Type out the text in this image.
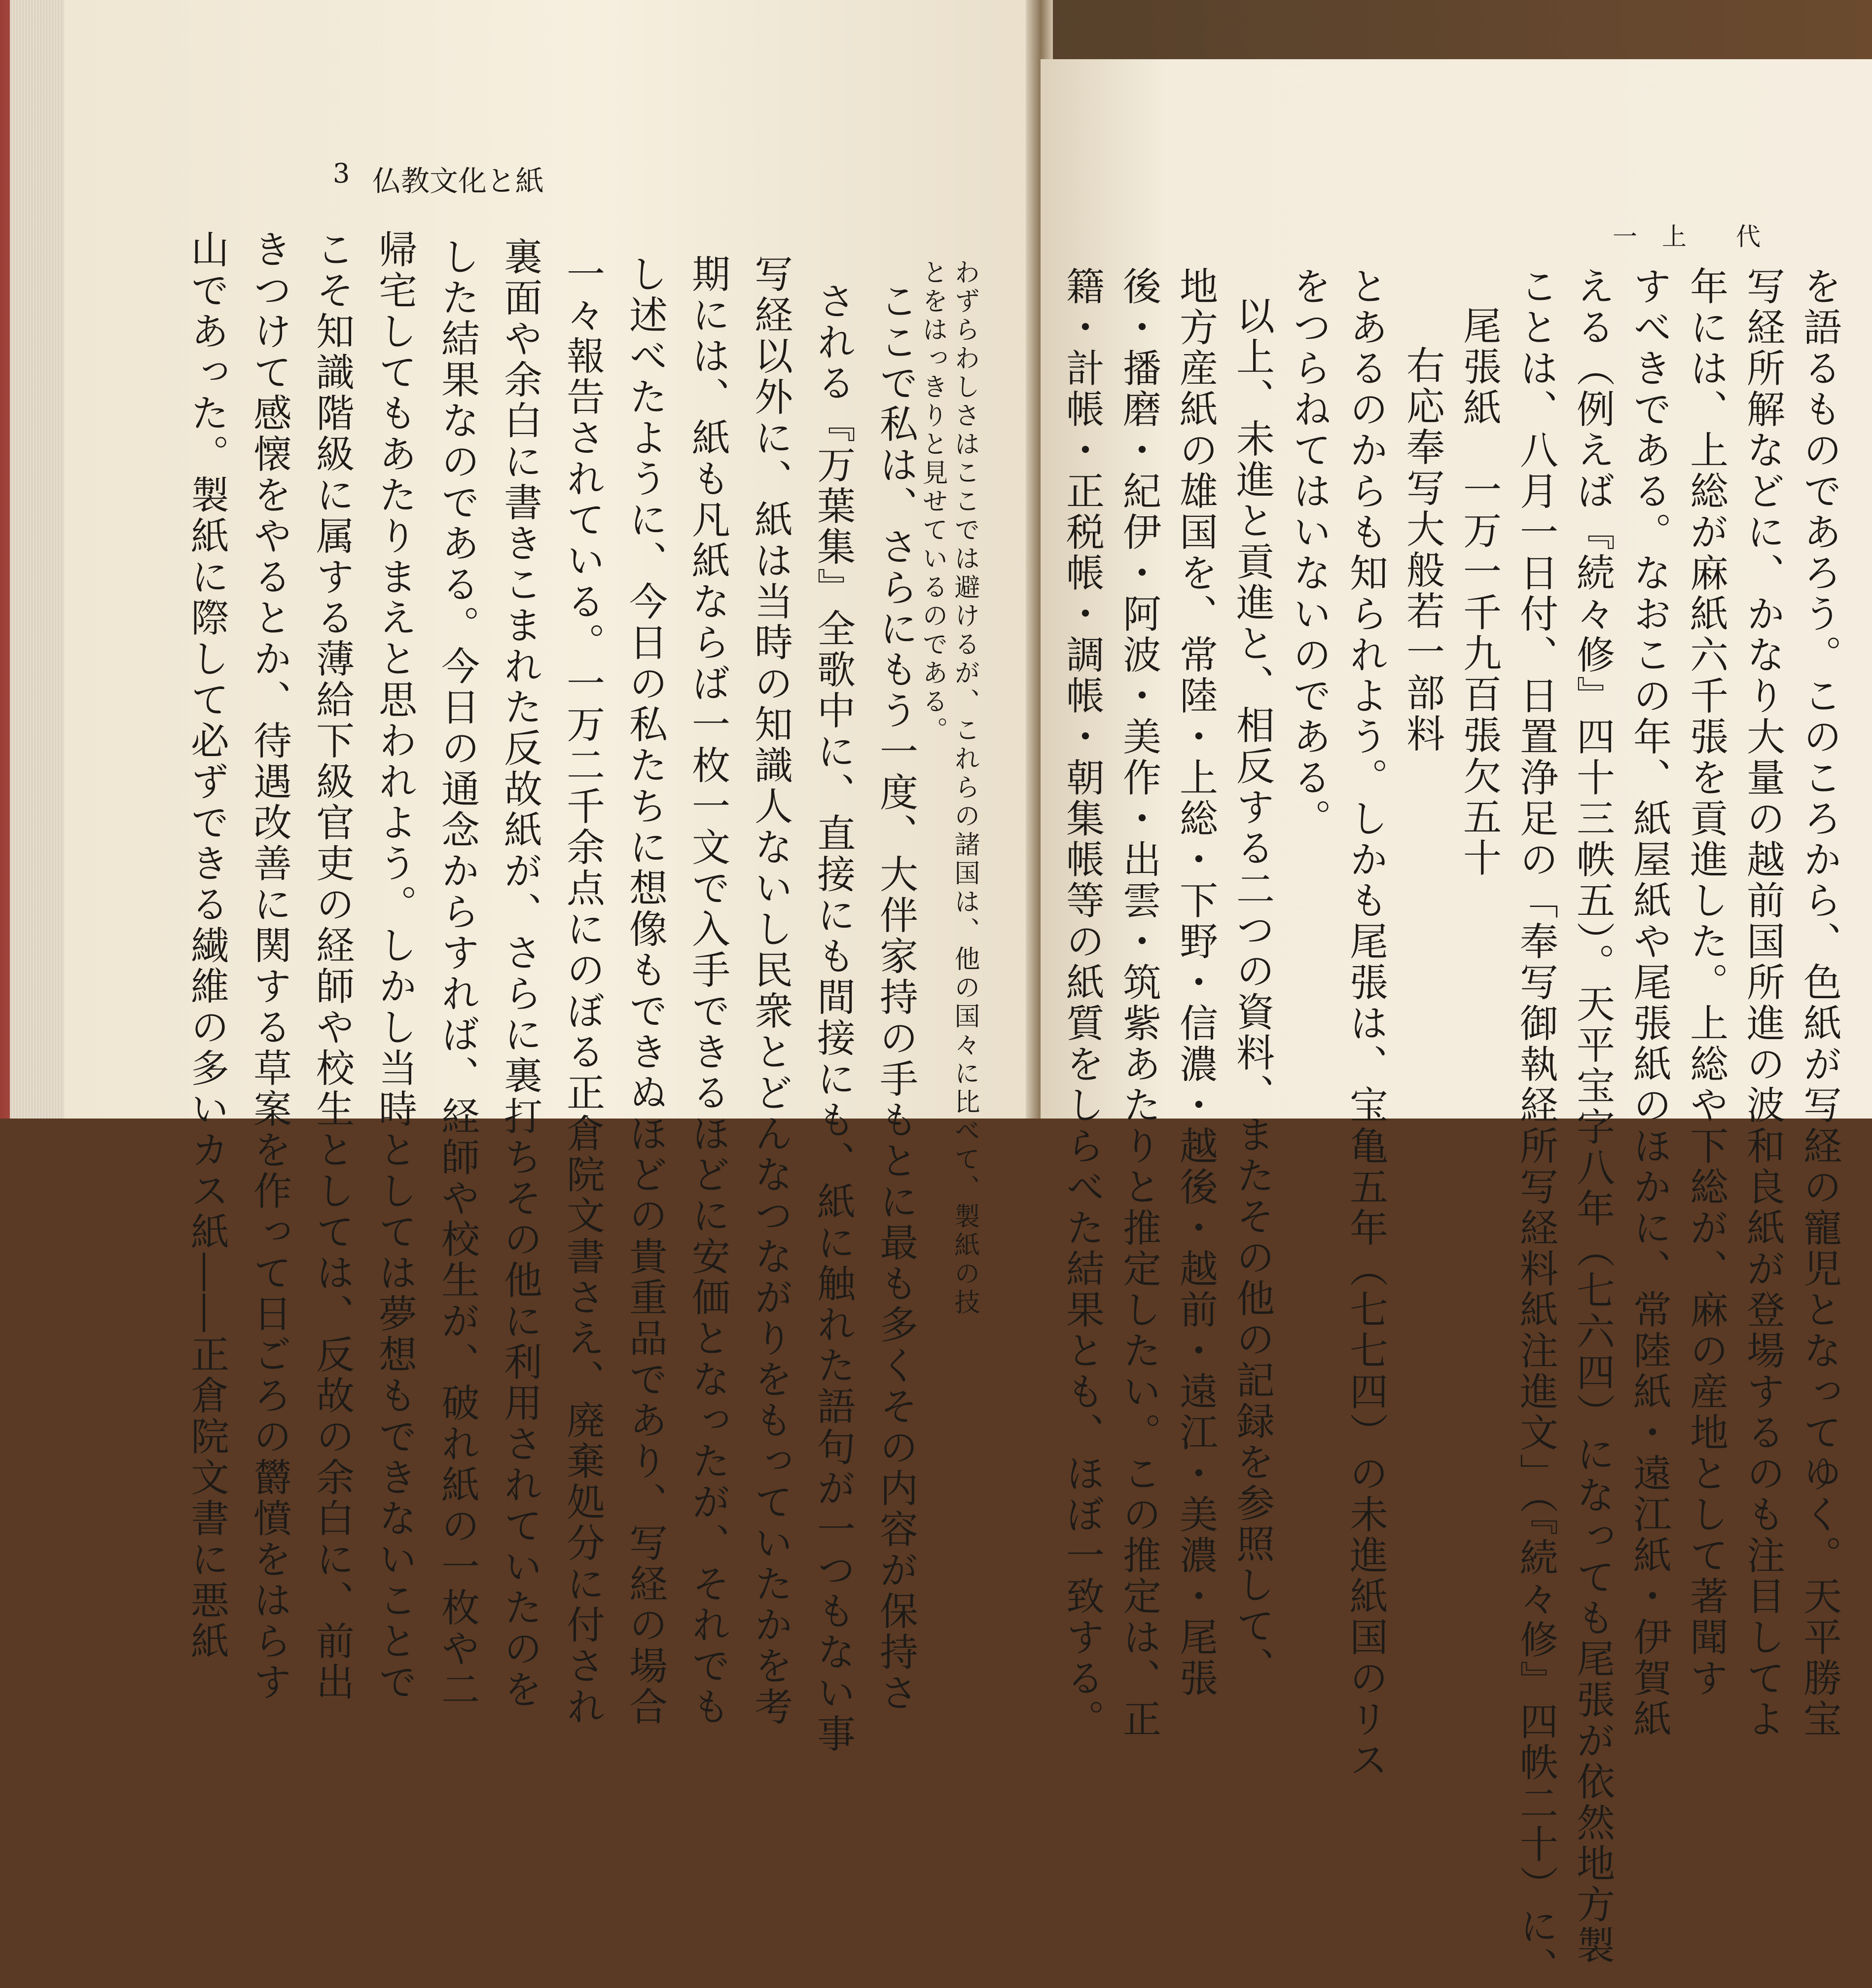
3 仏教文化と紙
わずらわしさはここでは避けるが、これらの諸国は、他の国々に比べて、製紙の技
とをはっきりと見せているのである。
ここで私は、さらにもう一度、大伴家持の手もとに最も多くその内容が保持さ
される『万葉集』全歌中に、直接にも間接にも、紙に触れた語句が一つもない事
写経以外に、紙は当時の知識人ないし民衆とどんなつながりをもっていたかを考
期には、紙も凡紙ならば一枚一文で入手できるほどに安価となったが、それでも
し述べたように、今日の私たちに想像もできぬほどの貴重品であり、写経の場合
一々報告されている。一万二千余点にのぼる正倉院文書さえ、廃棄処分に付され
裏面や余白に書きこまれた反故紙が、さらに裏打ちその他に利用されていたのを
した結果なのである。今日の通念からすれば、経師や校生が、破れ紙の一枚や二
帰宅してもあたりまえと思われよう。しかし当時としては夢想もできないことで
こそ知識階級に属する薄給下級官吏の経師や校生としては、反故の余白に、前出
きつけて感懐をやるとか、待遇改善に関する草案を作って日ごろの欝憤をはらす
山であった。製紙に際して必ずできる繊維の多いカス紙――正倉院文書に悪紙	一　上　　代
を語るものであろう。このころから、色紙が写経の寵児となってゆく。天平勝宝
写経所解などに、かなり大量の越前国所進の波和良紙が登場するのも注目してよ
年には、上総が麻紙六千張を貢進した。上総や下総が、麻の産地として著聞す
すべきである。なおこの年、紙屋紙や尾張紙のほかに、常陸紙・遠江紙・伊賀紙
える（例えば『続々修』四十三帙五）。天平宝字八年（七六四）になっても尾張が依然地方製
ことは、八月一日付、日置浄足の「奉写御執経所写経料紙注進文」（『続々修』四帙二十）に、
尾張紙　一万一千九百張欠五十
右応奉写大般若一部料
とあるのからも知られよう。しかも尾張は、宝亀五年（七七四）の未進紙国のリス
をつらねてはいないのである。
以上、未進と貢進と、相反する二つの資料、またその他の記録を参照して、
地方産紙の雄国を、常陸・上総・下野・信濃・越後・越前・遠江・美濃・尾張
後・播磨・紀伊・阿波・美作・出雲・筑紫あたりと推定したい。この推定は、正
籍・計帳・正税帳・調帳・朝集帳等の紙質をしらべた結果とも、ほぼ一致する。
